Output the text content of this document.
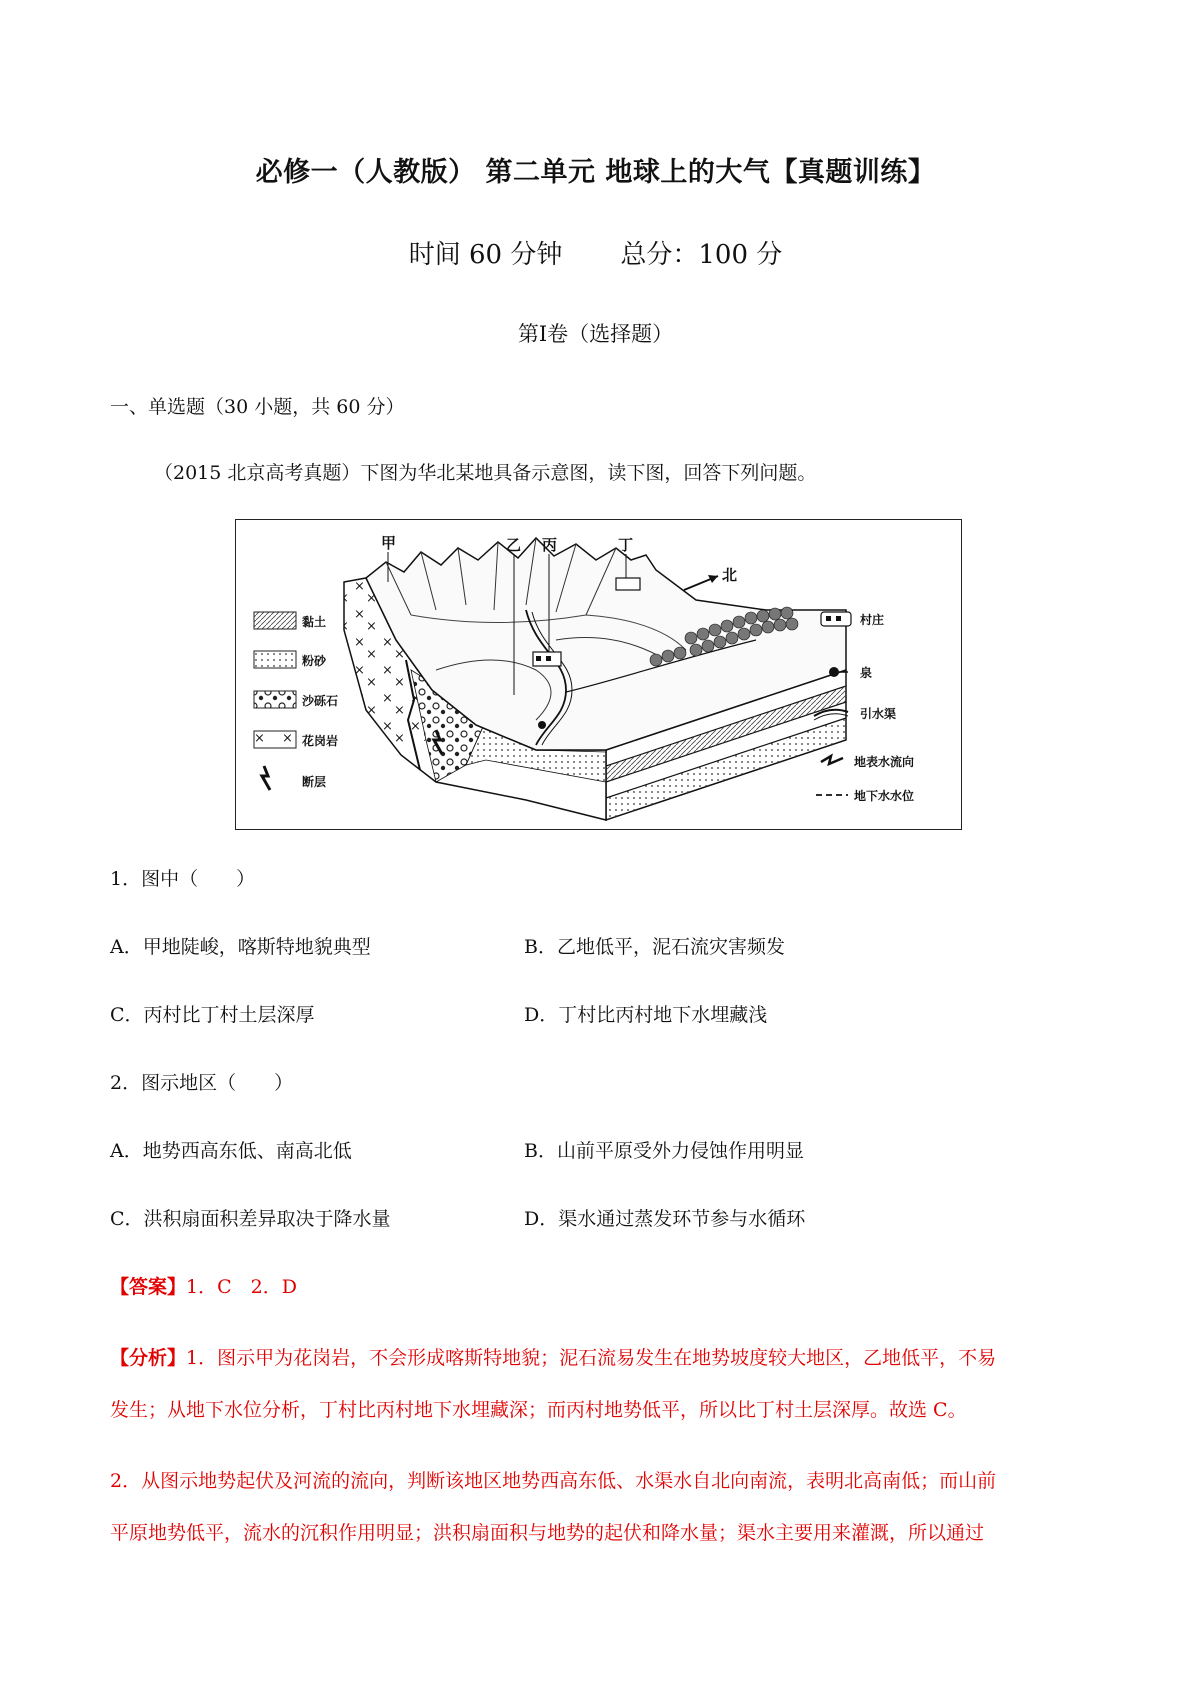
必修一（人教版） 第二单元 地球上的大气【真题训练】
时间 60 分钟 总分：100 分
第Ⅰ卷（选择题）
一、单选题（30 小题，共 60 分）
（2015 北京高考真题）下图为华北某地具备示意图，读下图，回答下列问题。
黏土
粉砂
沙砾石
花岗岩
断层
甲	乙 丙	丁
北
村庄
泉
引水渠
地表水流向
地下水水位
1．图中（　　）
A．甲地陡峻，喀斯特地貌典型	B．乙地低平，泥石流灾害频发
C．丙村比丁村土层深厚	D．丁村比丙村地下水埋藏浅
2．图示地区（　　）
A．地势西高东低、南高北低	B．山前平原受外力侵蚀作用明显
C．洪积扇面积差异取决于降水量	D．渠水通过蒸发环节参与水循环
【答案】1．C　2．D
【分析】1．图示甲为花岗岩，不会形成喀斯特地貌；泥石流易发生在地势坡度较大地区，乙地低平，不易
发生；从地下水位分析，丁村比丙村地下水埋藏深；而丙村地势低平，所以比丁村土层深厚。故选 C。
2．从图示地势起伏及河流的流向，判断该地区地势西高东低、水渠水自北向南流，表明北高南低；而山前
平原地势低平，流水的沉积作用明显；洪积扇面积与地势的起伏和降水量；渠水主要用来灌溉，所以通过
